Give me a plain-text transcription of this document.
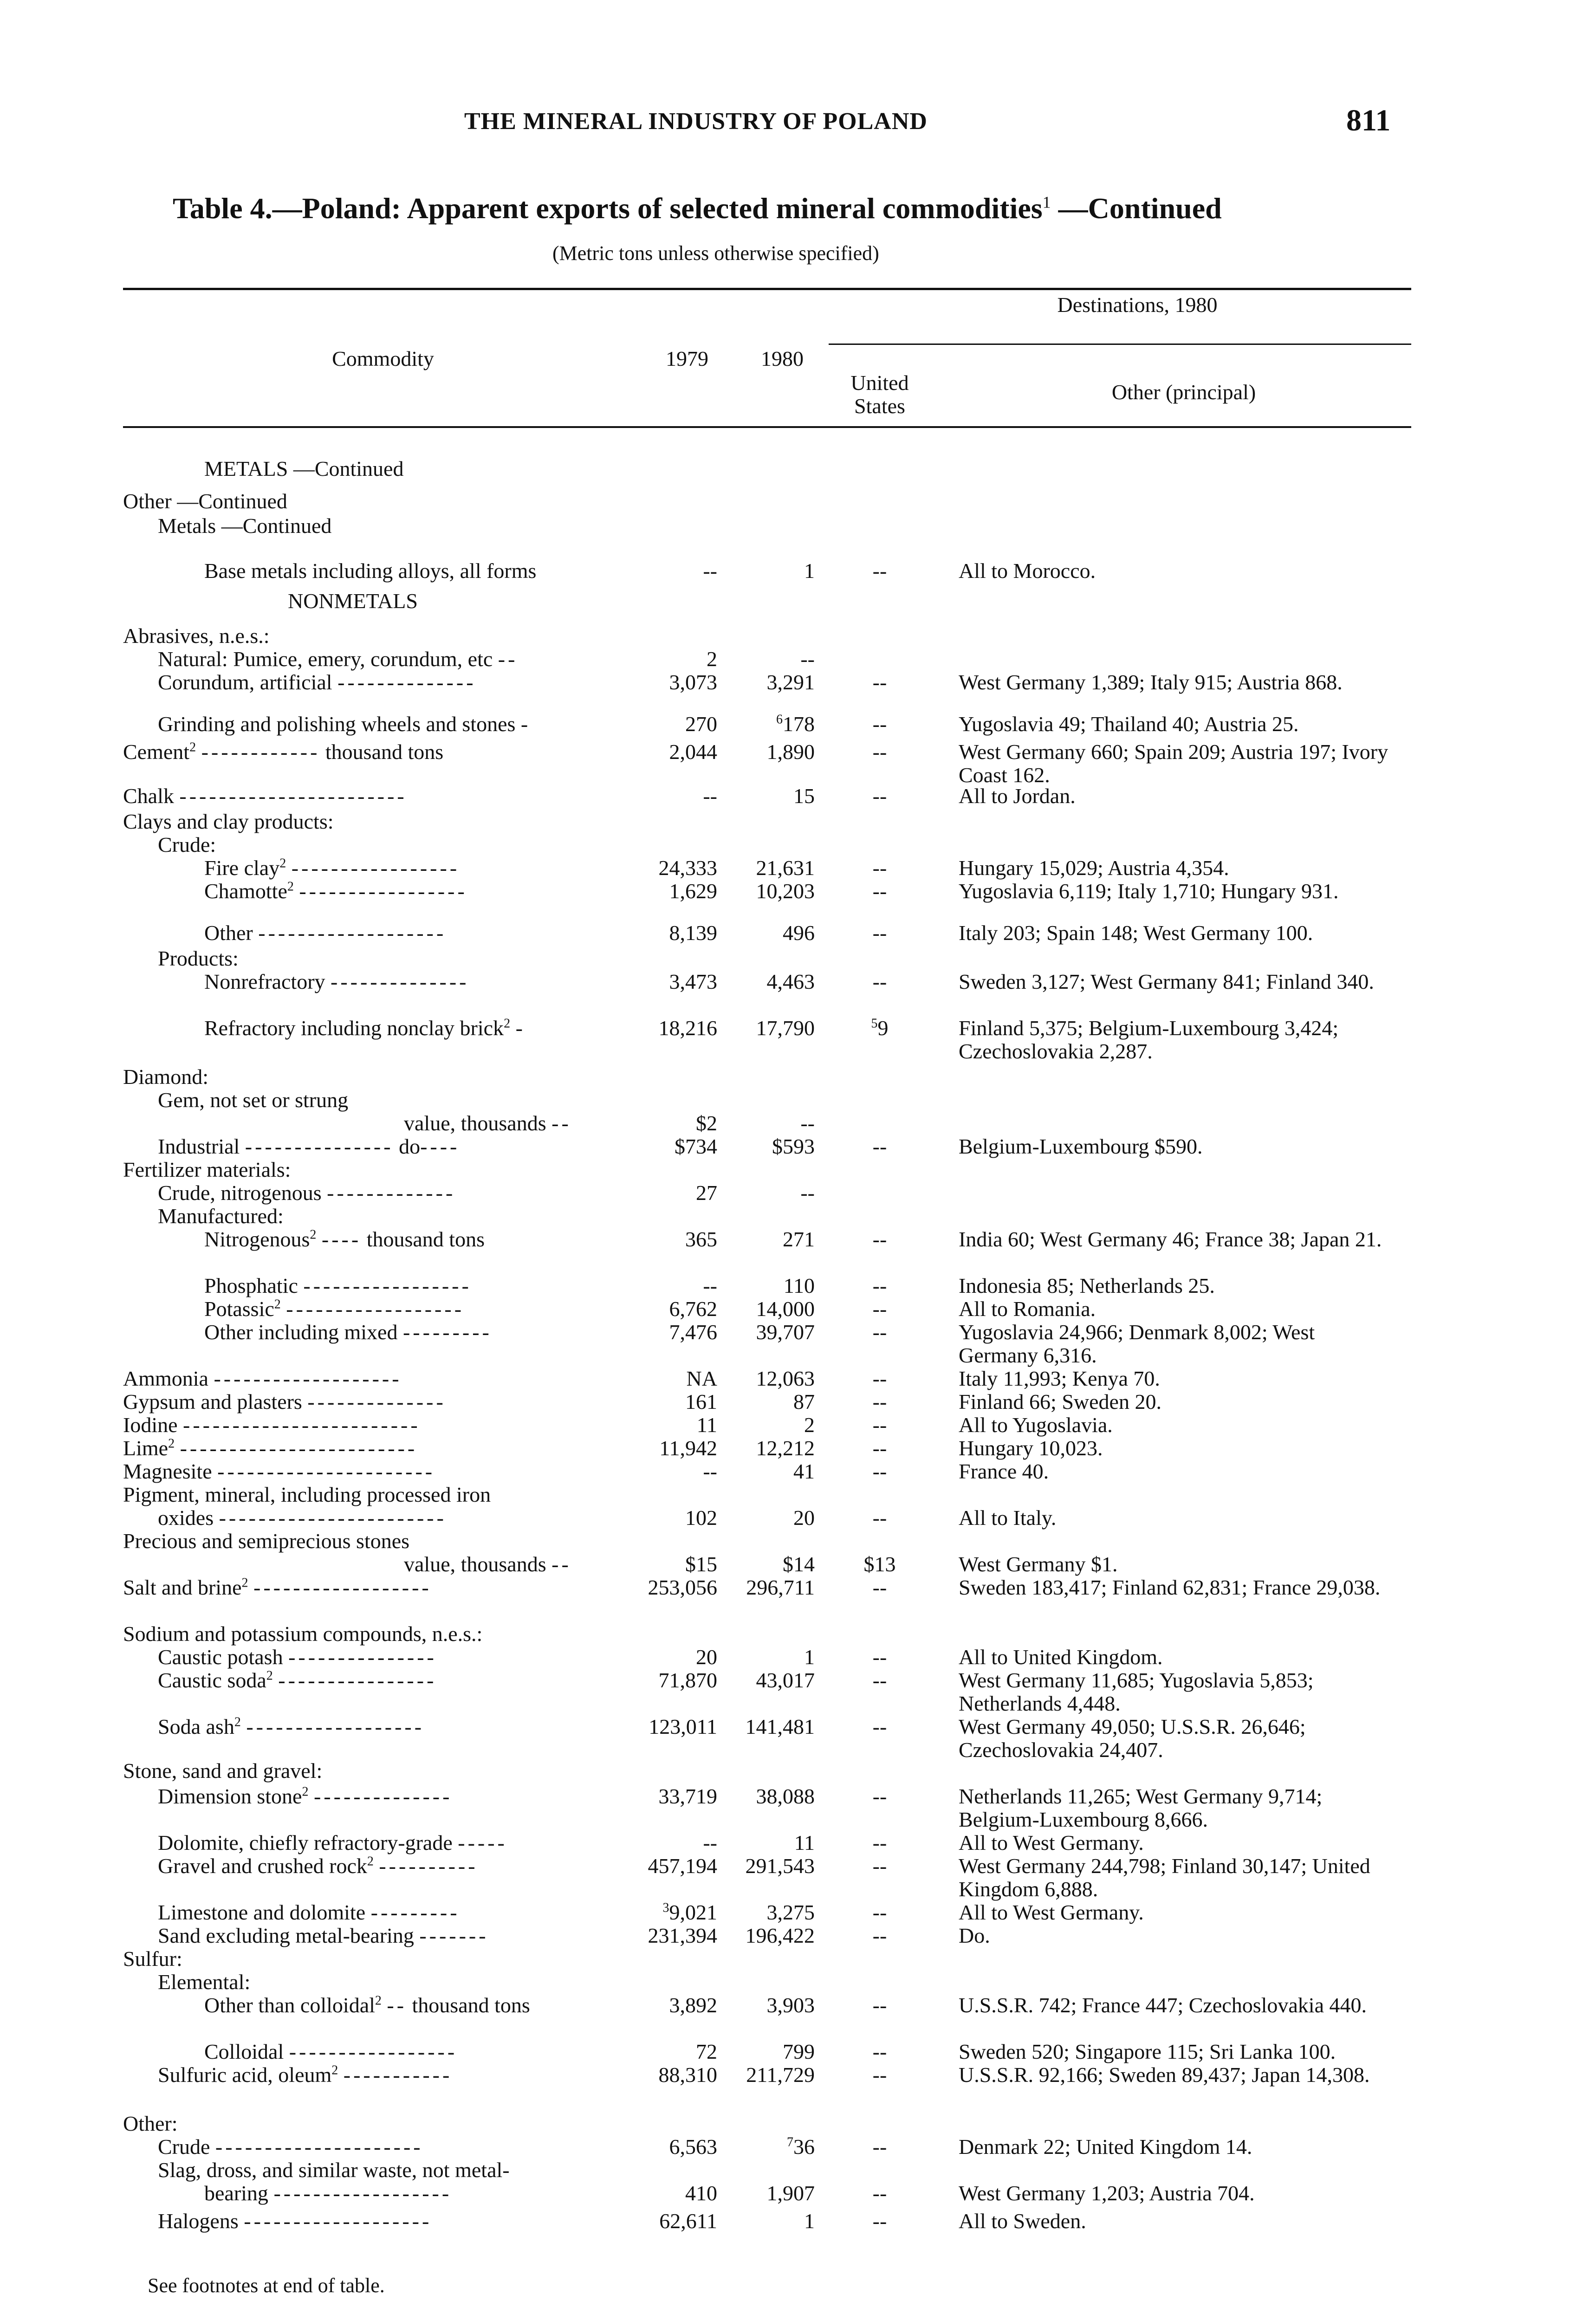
THE MINERAL INDUSTRY OF POLAND	811
Table 4.—Poland: Apparent exports of selected mineral commodities$^1$ —Continued
(Metric tons unless otherwise specified)
Commodity	1979	1980
Destinations, 1980
United States
Other (principal)
METALS —Continued
Other —Continued
Metals —Continued
Base metals including alloys, all forms	--	1	--	All to Morocco.
NONMETALS
Abrasives, n.e.s.:
Natural: Pumice, emery, corundum, etc --	2	--
Corundum, artificial --------------	3,073	3,291	--	West Germany 1,389; Italy 915; Austria 868.
Grinding and polishing wheels and stones -	270	$^6$178	--	Yugoslavia 49; Thailand 40; Austria 25.
Cement$^2$ ------------ thousand tons	2,044	1,890	--	West Germany 660; Spain 209; Austria 197; Ivory Coast 162.
Chalk -----------------------	--	15	--	All to Jordan.
Clays and clay products:
Crude:
Fire clay$^2$ -----------------	24,333	21,631	--	Hungary 15,029; Austria 4,354.
Chamotte$^2$ -----------------	1,629	10,203	--	Yugoslavia 6,119; Italy 1,710; Hungary 931.
Other -------------------	8,139	496	--	Italy 203; Spain 148; West Germany 100.
Products:
Nonrefractory --------------	3,473	4,463	--	Sweden 3,127; West Germany 841; Finland 340.
Refractory including nonclay brick$^2$ -	18,216	17,790	$^5$9	Finland 5,375; Belgium-Luxembourg 3,424; Czechoslovakia 2,287.
Diamond:
Gem, not set or strung
value, thousands --	$2	--
Industrial --------------- do----	$734	$593	--	Belgium-Luxembourg $590.
Fertilizer materials:
Crude, nitrogenous -------------	27	--
Manufactured:
Nitrogenous$^2$ ---- thousand tons	365	271	--	India 60; West Germany 46; France 38; Japan 21.
Phosphatic -----------------	--	110	--	Indonesia 85; Netherlands 25.
Potassic$^2$ ------------------	6,762	14,000	--	All to Romania.
Other including mixed ---------	7,476	39,707	--	Yugoslavia 24,966; Denmark 8,002; West Germany 6,316.
Ammonia -------------------	NA	12,063	--	Italy 11,993; Kenya 70.
Gypsum and plasters --------------	161	87	--	Finland 66; Sweden 20.
Iodine ------------------------	11	2	--	All to Yugoslavia.
Lime$^2$ ------------------------	11,942	12,212	--	Hungary 10,023.
Magnesite ----------------------	--	41	--	France 40.
Pigment, mineral, including processed iron
oxides -----------------------	102	20	--	All to Italy.
Precious and semiprecious stones
value, thousands --	$15	$14	$13	West Germany $1.
Salt and brine$^2$ ------------------	253,056	296,711	--	Sweden 183,417; Finland 62,831; France 29,038.
Sodium and potassium compounds, n.e.s.:
Caustic potash ---------------	20	1	--	All to United Kingdom.
Caustic soda$^2$ ----------------	71,870	43,017	--	West Germany 11,685; Yugoslavia 5,853; Netherlands 4,448.
Soda ash$^2$ ------------------	123,011	141,481	--	West Germany 49,050; U.S.S.R. 26,646; Czechoslovakia 24,407.
Stone, sand and gravel:
Dimension stone$^2$ --------------	33,719	38,088	--	Netherlands 11,265; West Germany 9,714; Belgium-Luxembourg 8,666.
Dolomite, chiefly refractory-grade -----	--	11	--	All to West Germany.
Gravel and crushed rock$^2$ ----------	457,194	291,543	--	West Germany 244,798; Finland 30,147; United Kingdom 6,888.
Limestone and dolomite ---------	$^3$9,021	3,275	--	All to West Germany.
Sand excluding metal-bearing -------	231,394	196,422	--	Do.
Sulfur:
Elemental:
Other than colloidal$^2$ -- thousand tons	3,892	3,903	--	U.S.S.R. 742; France 447; Czechoslovakia 440.
Colloidal -----------------	72	799	--	Sweden 520; Singapore 115; Sri Lanka 100.
Sulfuric acid, oleum$^2$ -----------	88,310	211,729	--	U.S.S.R. 92,166; Sweden 89,437; Japan 14,308.
Other:
Crude ---------------------	6,563	$^7$36	--	Denmark 22; United Kingdom 14.
Slag, dross, and similar waste, not metal-
bearing ------------------	410	1,907	--	West Germany 1,203; Austria 704.
Halogens -------------------	62,611	1	--	All to Sweden.
See footnotes at end of table.
